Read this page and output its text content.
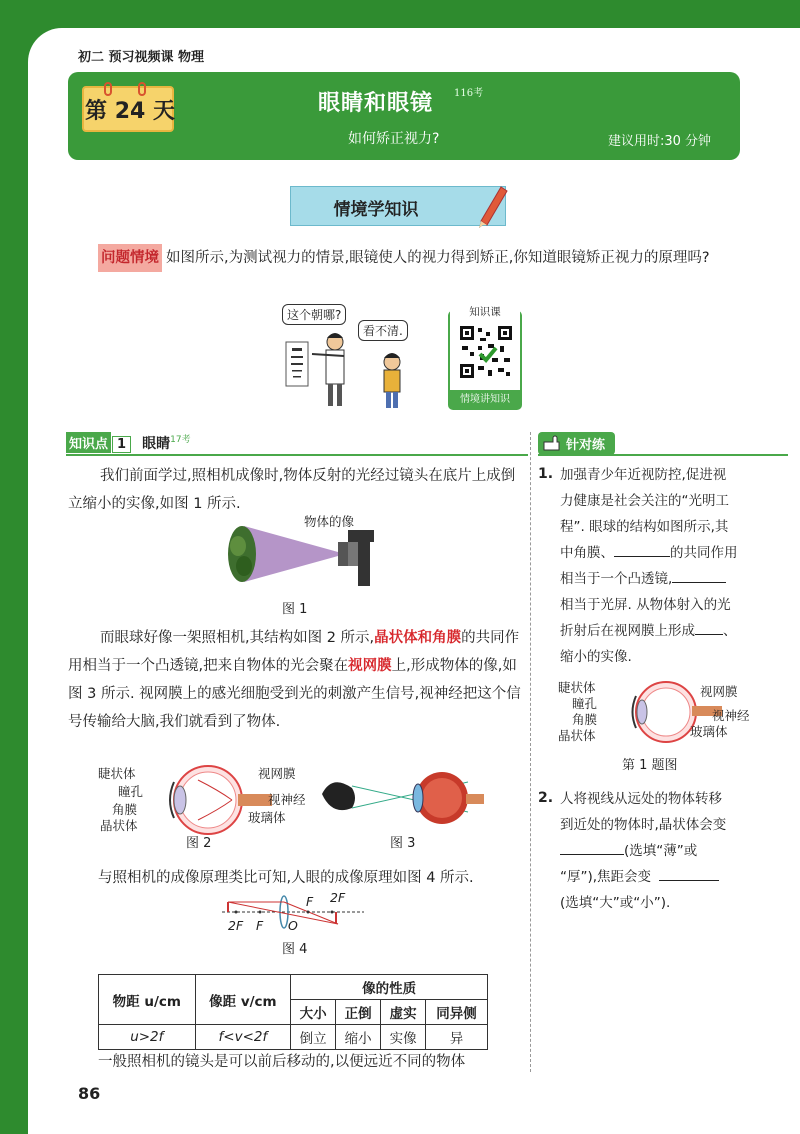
初二 预习视频课 物理
第 24 天	眼睛和眼镜 116考
如何矫正视力?	建议用时:30 分钟
情境学知识
问题情境 如图所示,为测试视力的情景,眼镜使人的视力得到矫正,你知道眼镜矫正视力的原理吗?
这个朝哪?
看不清.
知识课
情境讲知识
知识点 1 眼睛$^{17考}$
我们前面学过,照相机成像时,物体反射的光经过镜头在底片上成倒立缩小的实像,如图 1 所示.
物体的像
图 1
而眼球好像一架照相机,其结构如图 2 所示,晶状体和角膜的共同作用相当于一个凸透镜,把来自物体的光会聚在视网膜上,形成物体的像,如图 3 所示. 视网膜上的感光细胞受到光的刺激产生信号,视神经把这个信号传输给大脑,我们就看到了物体.
睫状体
瞳孔
角膜
晶状体
视网膜
视神经
玻璃体
图 2	图 3
与照相机的成像原理类比可知,人眼的成像原理如图 4 所示.
2F F O
F 2F
图 4
物距 u/cm	像距 v/cm	像的性质			
		大小	正倒	虚实	同异侧
u>2f	f<v<2f	倒立	缩小	实像	异
一般照相机的镜头是可以前后移动的,以便远近不同的物体
针对练
1. 加强青少年近视防控,促进视
力健康是社会关注的“光明工
程”. 眼球的结构如图所示,其
中角膜、	的共同作用
相当于一个凸透镜,
相当于光屏. 从物体射入的光
折射后在视网膜上形成 、
缩小的实像.
睫状体
瞳孔
角膜
晶状体
视网膜
视神经
玻璃体
第 1 题图
2. 人将视线从远处的物体转移
到近处的物体时,晶状体会变
(选填“薄”或
“厚”),焦距会变
(选填“大”或“小”).
86
